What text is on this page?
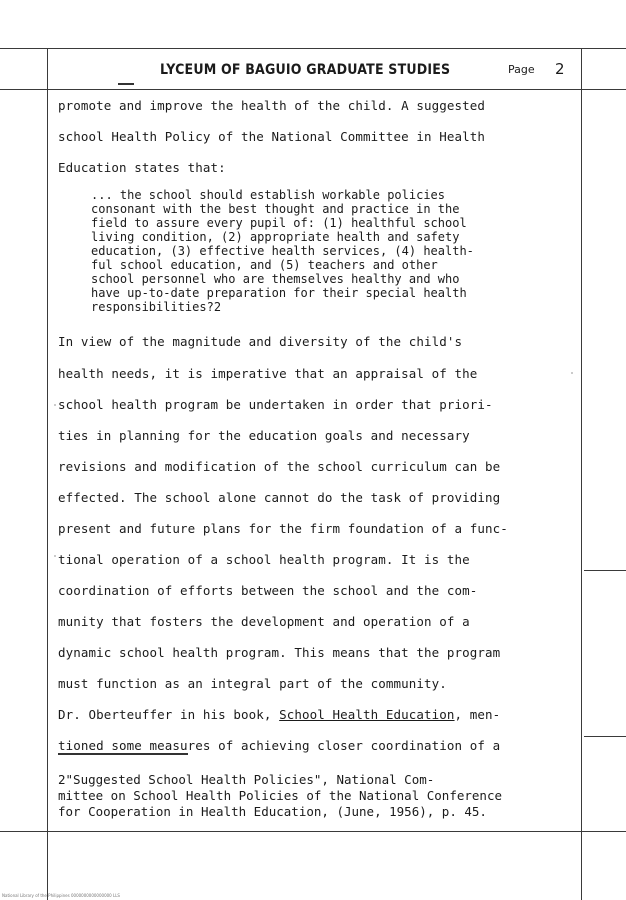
LYCEUM OF BAGUIO GRADUATE STUDIES	Page 2
promote and improve the health of the child. A suggested
school Health Policy of the National Committee in Health
Education states that:
... the school should establish workable policies
consonant with the best thought and practice in the
field to assure every pupil of: (1) healthful school
living condition, (2) appropriate health and safety
education, (3) effective health services, (4) health-
ful school education, and (5) teachers and other
school personnel who are themselves healthy and who
have up-to-date preparation for their special health
responsibilities?2
In view of the magnitude and diversity of the child's
health needs, it is imperative that an appraisal of the
school health program be undertaken in order that priori-
ties in planning for the education goals and necessary
revisions and modification of the school curriculum can be
effected. The school alone cannot do the task of providing
present and future plans for the firm foundation of a func-
tional operation of a school health program. It is the
coordination of efforts between the school and the com-
munity that fosters the development and operation of a
dynamic school health program. This means that the program
must function as an integral part of the community.
Dr. Oberteuffer in his book, School Health Education, men-
tioned some measures of achieving closer coordination of a
2"Suggested School Health Policies", National Com-
mittee on School Health Policies of the National Conference
for Cooperation in Health Education, (June, 1956), p. 45.
National Library of the Philippines 0000000000000000 LLS
